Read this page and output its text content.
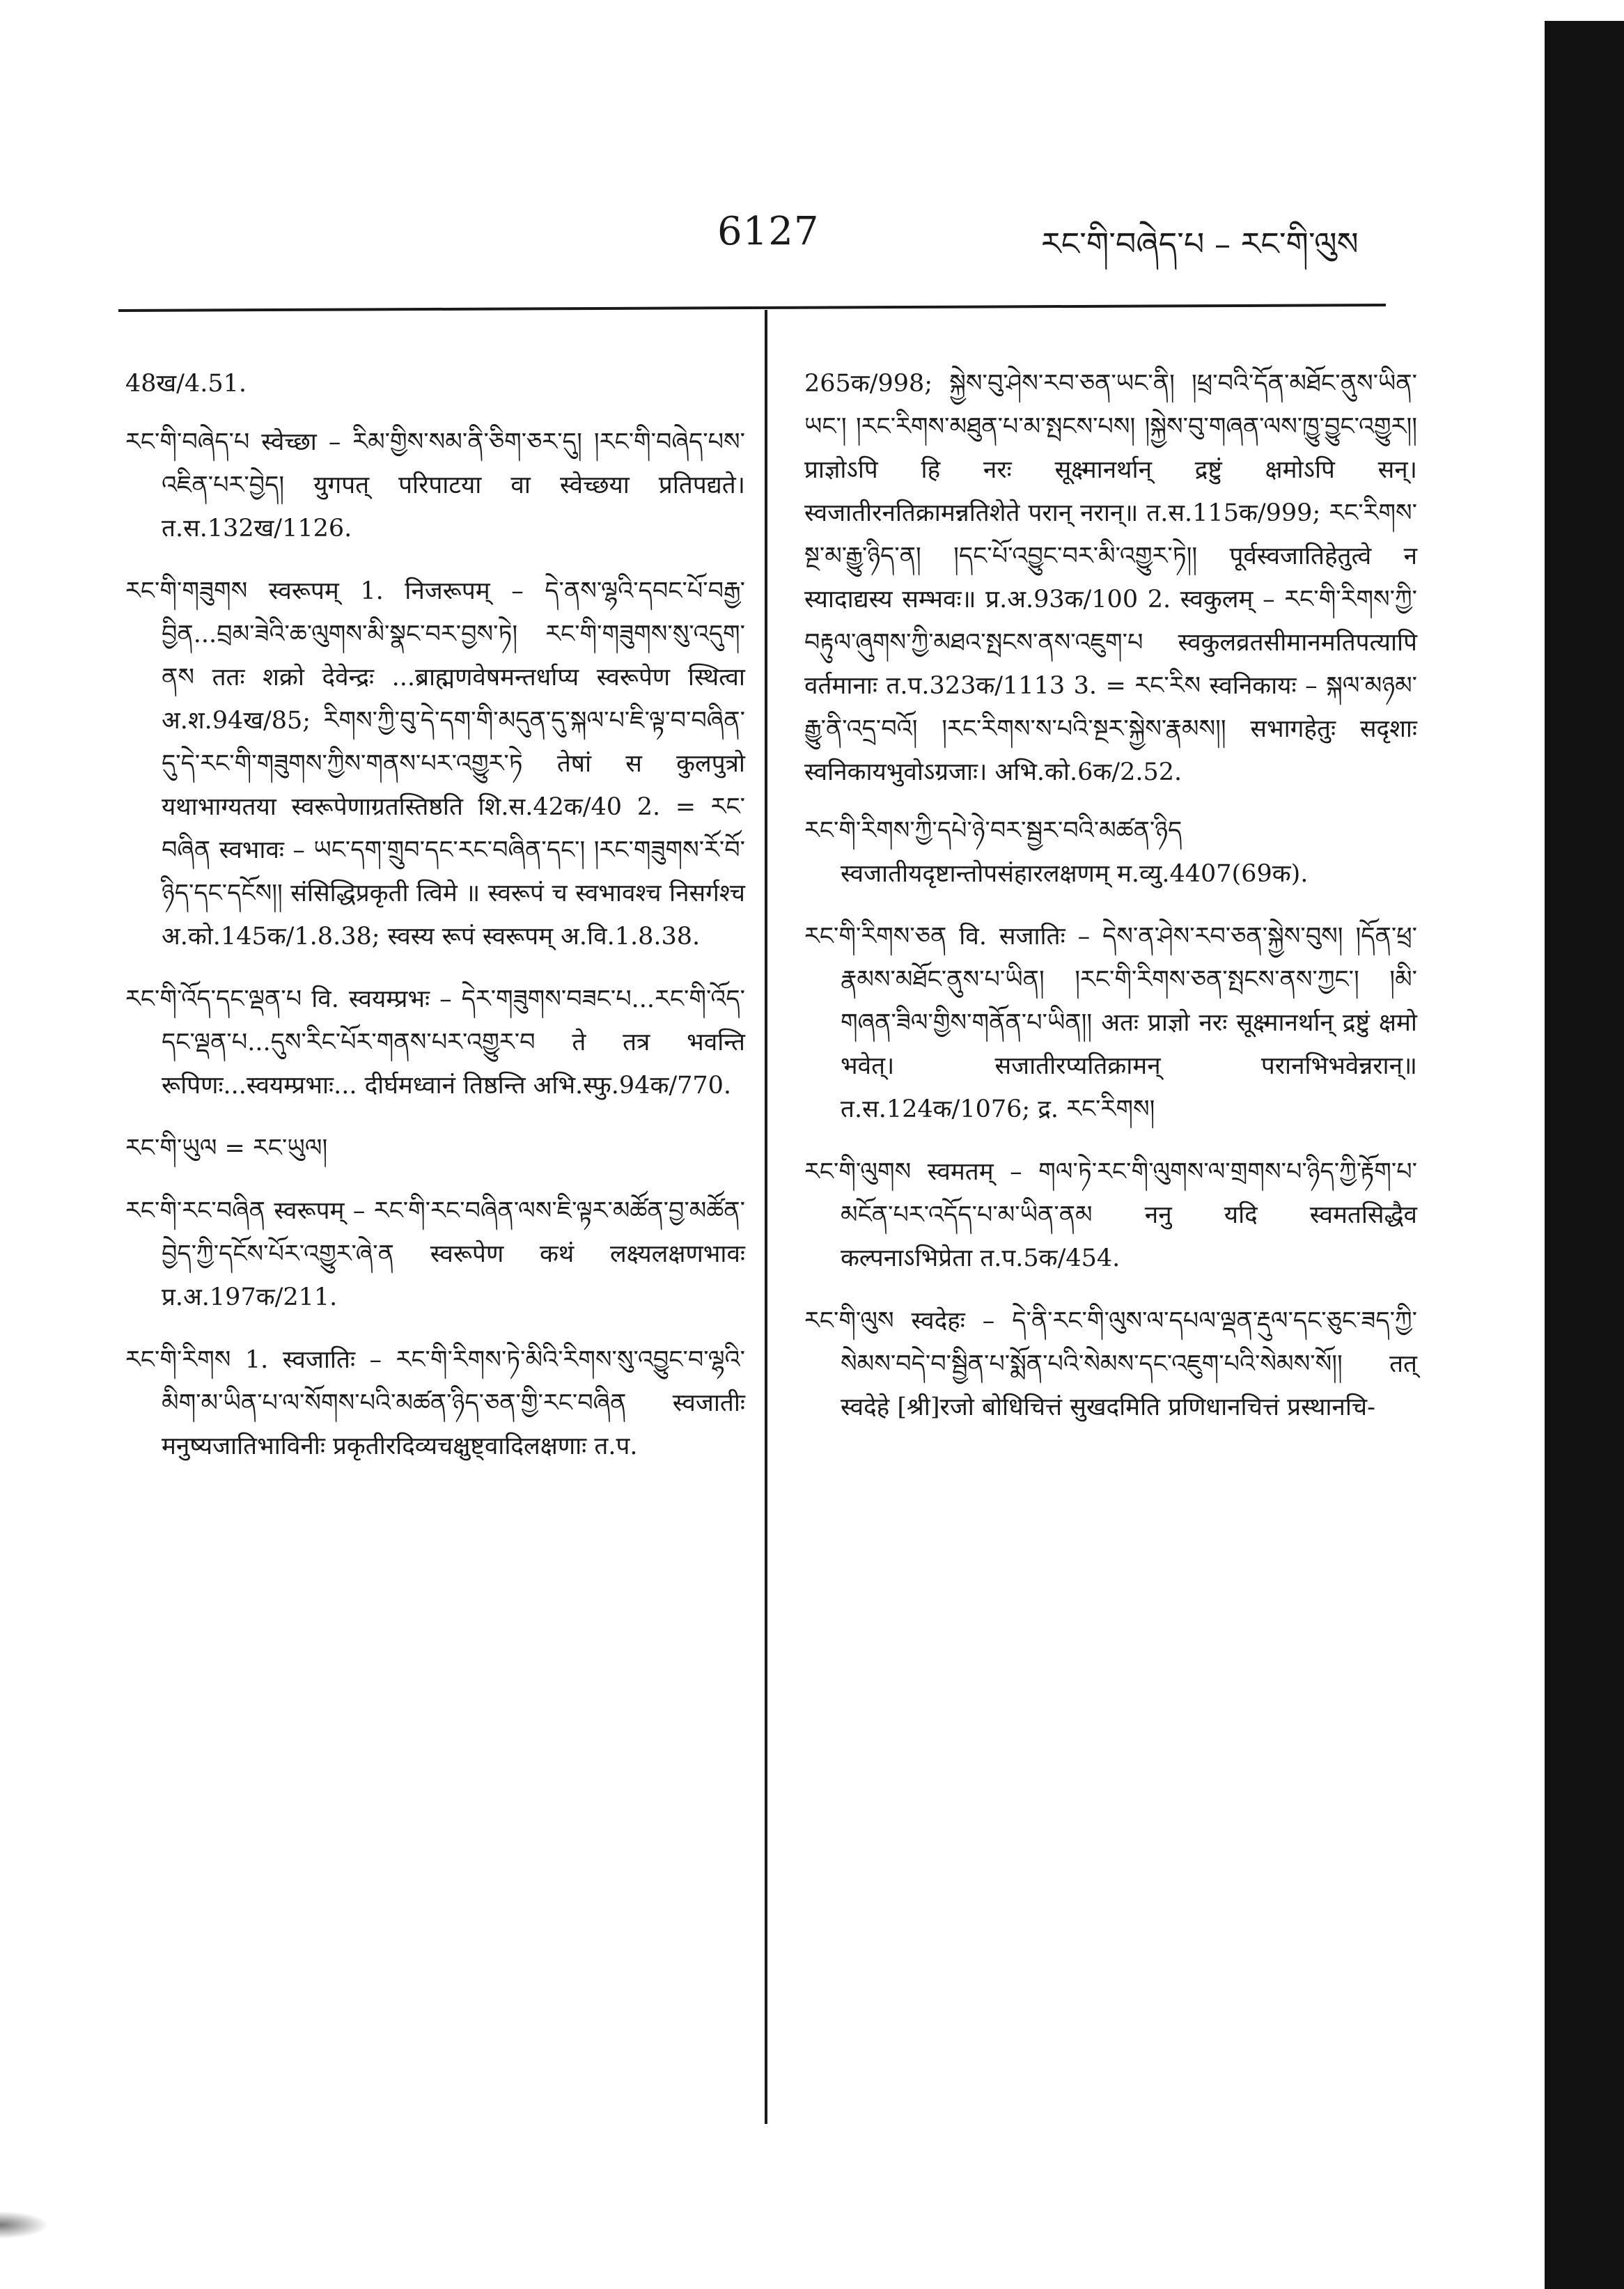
6127	རང་གི་བཞེད་པ – རང་གི་ལུས

48ख/4.51.

རང་གི་བཞེད་པ स्वेच्छा – རིམ་གྱིས་སམ་ནི་ཅིག་ཅར་དུ། །རང་གི་བཞེད་པས་འཇིན་པར་བྱེད། युगपत् परिपाटया वा स्वेच्छया प्रतिपद्यते। त.स.132ख/1126.

རང་གི་གཟུགས स्वरूपम् 1. निजरूपम् – དེ་ནས་ལྷའི་དབང་པོ་བརྒྱ་བྱིན...བྲམ་ཟེའི་ཆ་ལུགས་མི་སྣང་བར་བྱས་ཏེ། རང་གི་གཟུགས་སུ་འདུག་ནས ततः शक्रो देवेन्द्रः ...ब्राह्मणवेषमन्तर्धाप्य स्वरूपेण स्थित्वा अ.श.94ख/85; རིགས་ཀྱི་བུ་དེ་དག་གི་མདུན་དུ་སྐལ་པ་ཇི་ལྟ་བ་བཞིན་དུ་དེ་རང་གི་གཟུགས་ཀྱིས་གནས་པར་འགྱུར་ཏེ तेषां स कुलपुत्रो यथाभाग्यतया स्वरूपेणाग्रतस्तिष्ठति शि.स.42क/40 2. = རང་བཞིན स्वभावः – ཡང་དག་གྲུབ་དང་རང་བཞིན་དང་། །རང་གཟུགས་རོ་བོ་ཉིད་དང་དངོས།། संसिद्धिप्रकृती त्विमे ॥ स्वरूपं च स्वभावश्च निसर्गश्च अ.को.145क/1.8.38; स्वस्य रूपं स्वरूपम् अ.वि.1.8.38.

རང་གི་འོད་དང་ལྡན་པ वि. स्वयम्प्रभः – དེར་གཟུགས་བཟང་པ...རང་གི་འོད་དང་ལྡན་པ...དུས་རིང་པོར་གནས་པར་འགྱུར་བ ते तत्र भवन्ति रूपिणः...स्वयम्प्रभाः... दीर्घमध्वानं तिष्ठन्ति अभि.स्फु.94क/770.

རང་གི་ཡུལ = རང་ཡུལ།

རང་གི་རང་བཞིན स्वरूपम् – རང་གི་རང་བཞིན་ལས་ཇི་ལྟར་མཚོན་བྱ་མཚོན་བྱེད་ཀྱི་དངོས་པོར་འགྱུར་ཞེ་ན स्वरूपेण कथं लक्ष्यलक्षणभावः प्र.अ.197क/211.

རང་གི་རིགས 1. स्वजातिः – རང་གི་རིགས་ཏེ་མིའི་རིགས་སུ་འབྱུང་བ་ལྷའི་མིག་མ་ཡིན་པ་ལ་སོགས་པའི་མཚན་ཉིད་ཅན་གྱི་རང་བཞིན स्वजातीः मनुष्यजातिभाविनीः प्रकृतीरदिव्यचक्षुष्ट्वादिलक्षणाः त.प.

265क/998; སྐྱེས་བུ་ཤེས་རབ་ཅན་ཡང་ནི། །ཕྲ་བའི་དོན་མཐོང་ནུས་ཡིན་ཡང་། །རང་རིགས་མཐུན་པ་མ་སྤངས་པས། །སྐྱེས་བུ་གཞན་ལས་ཁྱུ་བྱུང་འགྱུར།། प्राज्ञोऽपि हि नरः सूक्ष्मानर्थान् द्रष्टुं क्षमोऽपि सन्। स्वजातीरनतिक्रामन्नतिशेते परान् नरान्॥ त.स.115क/999; རང་རིགས་སྔ་མ་རྒྱུ་ཉིད་ན། །དང་པོ་འབྱུང་བར་མི་འགྱུར་ཏེ།། पूर्वस्वजातिहेतुत्वे न स्यादाद्यस्य सम्भवः॥ प्र.अ.93क/100 2. स्वकुलम् – རང་གི་རིགས་ཀྱི་བརྟུལ་ཞུགས་ཀྱི་མཐའ་སྤངས་ནས་འཇུག་པ स्वकुलव्रतसीमानमतिपत्यापि वर्तमानाः त.प.323क/1113 3. = རང་རིས स्वनिकायः – སྐལ་མཉམ་རྒྱུ་ནི་འདྲ་བའོ། །རང་རིགས་ས་པའི་སྔར་སྐྱེས་རྣམས།། सभागहेतुः सदृशाः स्वनिकायभुवोऽग्रजाः। अभि.को.6क/2.52.

རང་གི་རིགས་ཀྱི་དཔེ་ཉེ་བར་སྦྱར་བའི་མཚན་ཉིད स्वजातीयदृष्टान्तोपसंहारलक्षणम् म.व्यु.4407(69क).

རང་གི་རིགས་ཅན वि. सजातिः – དེས་ན་ཤེས་རབ་ཅན་སྐྱེས་བུས། །དོན་ཕྲ་རྣམས་མཐོང་ནུས་པ་ཡིན། །རང་གི་རིགས་ཅན་སྤངས་ནས་ཀྱང་། །མི་གཞན་ཟིལ་གྱིས་གནོན་པ་ཡིན།། अतः प्राज्ञो नरः सूक्ष्मानर्थान् द्रष्टुं क्षमो भवेत्। सजातीरप्यतिक्रामन् परानभिभवेन्नरान्॥ त.स.124क/1076; द्र. རང་རིགས།

རང་གི་ལུགས स्वमतम् – གལ་ཏེ་རང་གི་ལུགས་ལ་གྲགས་པ་ཉིད་ཀྱི་རྟོག་པ་མངོན་པར་འདོད་པ་མ་ཡིན་ནམ ननु यदि स्वमतसिद्धैव कल्पनाऽभिप्रेता त.प.5क/454.

རང་གི་ལུས स्वदेहः – དེ་ནི་རང་གི་ལུས་ལ་དཔལ་ལྡན་རྡུལ་དང་ཅུང་ཟད་ཀྱི་སེམས་བདེ་བ་སྦྱིན་པ་སྨོན་པའི་སེམས་དང་འཇུག་པའི་སེམས་སོ།། तत् स्वदेहे [श्री]रजो बोधिचित्तं सुखदमिति प्रणिधानचित्तं प्रस्थानचि-
